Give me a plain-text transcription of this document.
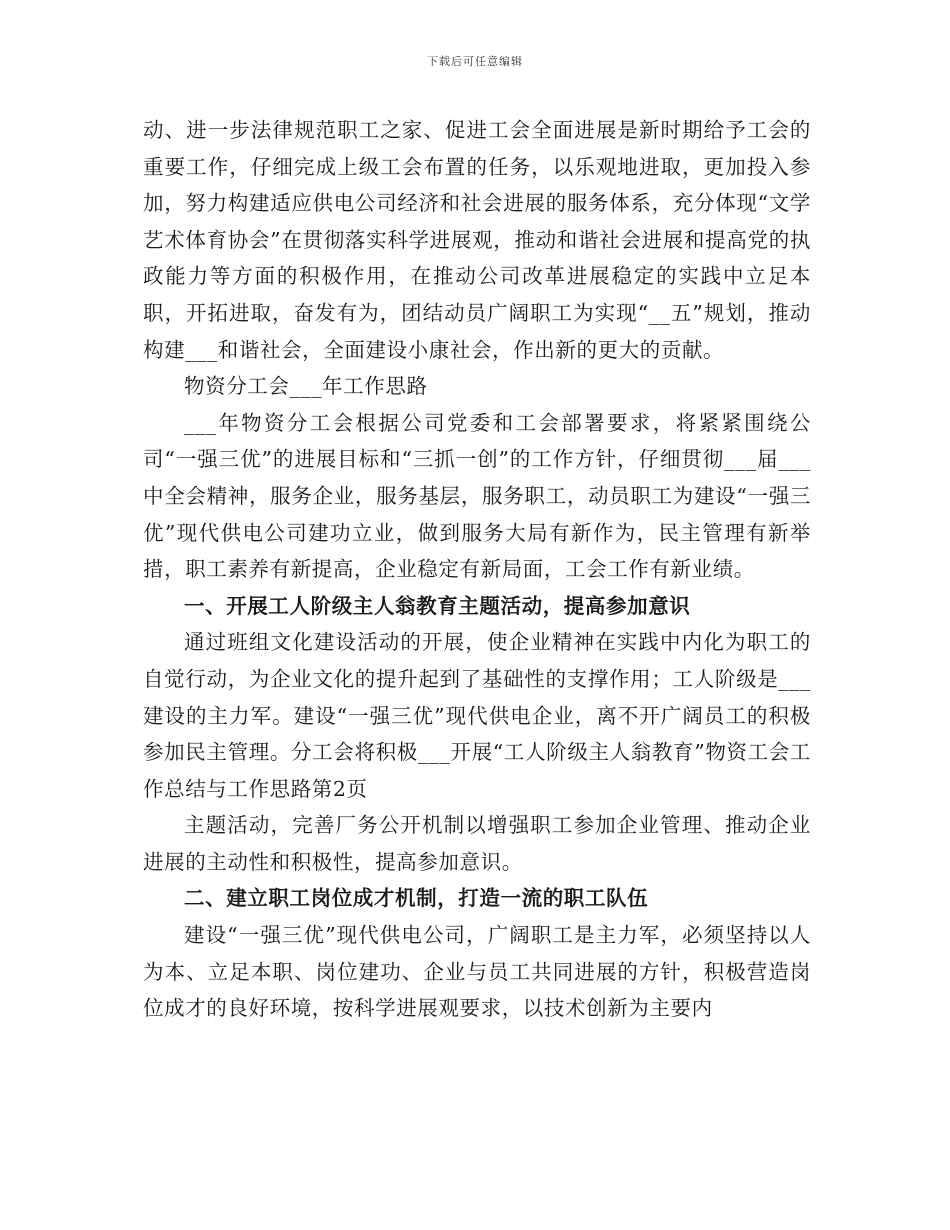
下载后可任意编辑

动、进一步法律规范职工之家、促进工会全面进展是新时期给予工会的重要工作，仔细完成上级工会布置的任务，以乐观地进取，更加投入参加，努力构建适应供电公司经济和社会进展的服务体系，充分体现“文学艺术体育协会”在贯彻落实科学进展观，推动和谐社会进展和提高党的执政能力等方面的积极作用，在推动公司改革进展稳定的实践中立足本职，开拓进取，奋发有为，团结动员广阔职工为实现“__五”规划，推动构建___和谐社会，全面建设小康社会，作出新的更大的贡献。

物资分工会___年工作思路

___年物资分工会根据公司党委和工会部署要求，将紧紧围绕公司“一强三优”的进展目标和“三抓一创”的工作方针，仔细贯彻___届___中全会精神，服务企业，服务基层，服务职工，动员职工为建设“一强三优”现代供电公司建功立业，做到服务大局有新作为，民主管理有新举措，职工素养有新提高，企业稳定有新局面，工会工作有新业绩。

一、开展工人阶级主人翁教育主题活动，提高参加意识

通过班组文化建设活动的开展，使企业精神在实践中内化为职工的自觉行动，为企业文化的提升起到了基础性的支撑作用；工人阶级是___建设的主力军。建设“一强三优”现代供电企业，离不开广阔员工的积极参加民主管理。分工会将积极___开展“工人阶级主人翁教育”物资工会工作总结与工作思路第2页

主题活动，完善厂务公开机制以增强职工参加企业管理、推动企业进展的主动性和积极性，提高参加意识。

二、建立职工岗位成才机制，打造一流的职工队伍

建设“一强三优”现代供电公司，广阔职工是主力军，必须坚持以人为本、立足本职、岗位建功、企业与员工共同进展的方针，积极营造岗位成才的良好环境，按科学进展观要求，以技术创新为主要内
